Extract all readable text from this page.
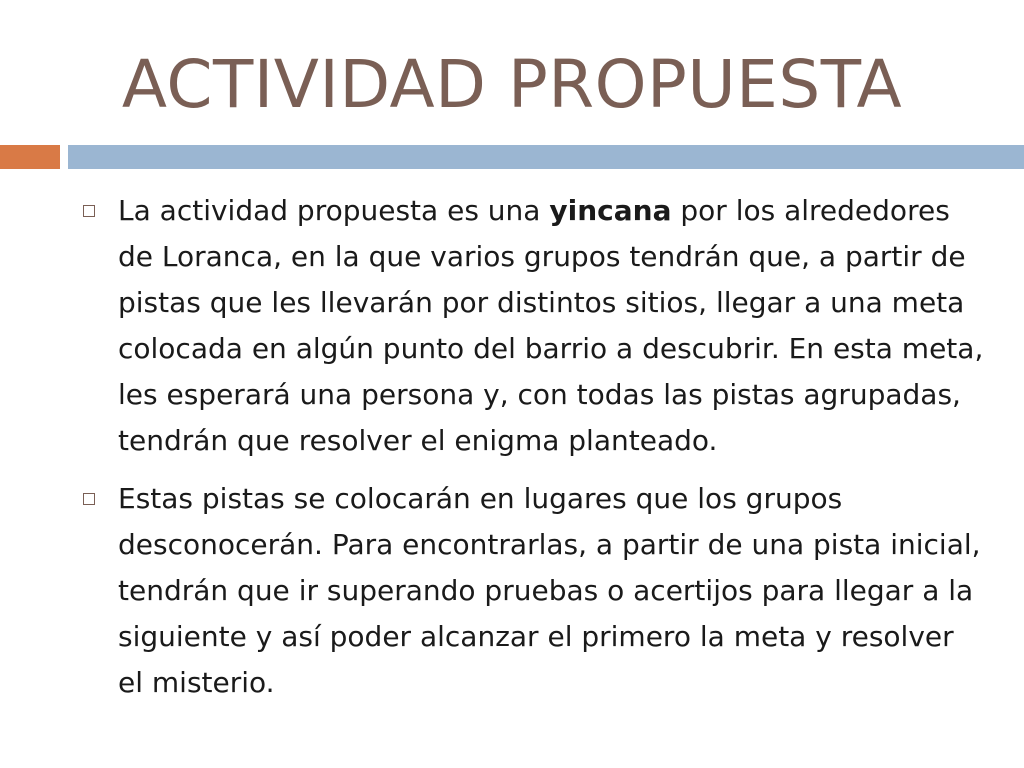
ACTIVIDAD PROPUESTA
La actividad propuesta es una yincana por los alrededores de Loranca, en la que varios grupos tendrán que, a partir de pistas que les llevarán por distintos sitios, llegar a una meta colocada en algún punto del barrio a descubrir. En esta meta, les esperará una persona y, con todas las pistas agrupadas, tendrán que resolver el enigma planteado.
Estas pistas se colocarán en lugares que los grupos desconocerán. Para encontrarlas, a partir de una pista inicial, tendrán que ir superando pruebas o acertijos para llegar a la siguiente y así poder alcanzar el primero la meta y resolver el misterio.
